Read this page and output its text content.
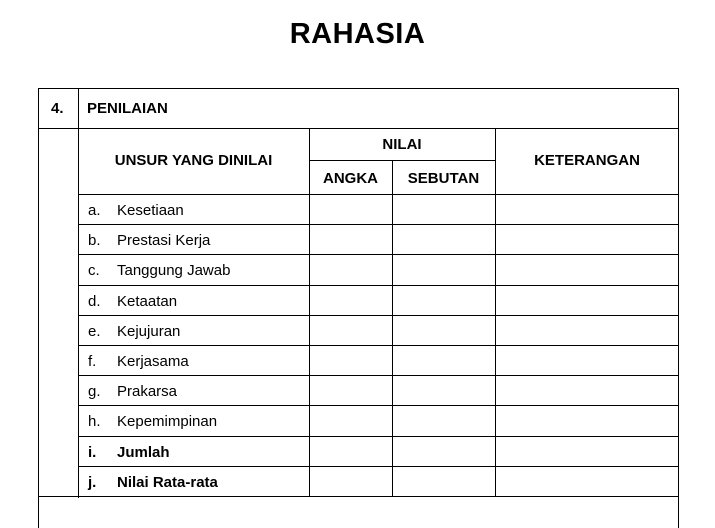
RAHASIA
4. PENILAIAN
UNSUR YANG DINILAI
NILAI
ANGKA	SEBUTAN
KETERANGAN
a. Kesetiaan
b. Prestasi Kerja
c. Tanggung Jawab
d. Ketaatan
e. Kejujuran
f. Kerjasama
g. Prakarsa
h. Kepemimpinan
i. Jumlah
j. Nilai Rata-rata
